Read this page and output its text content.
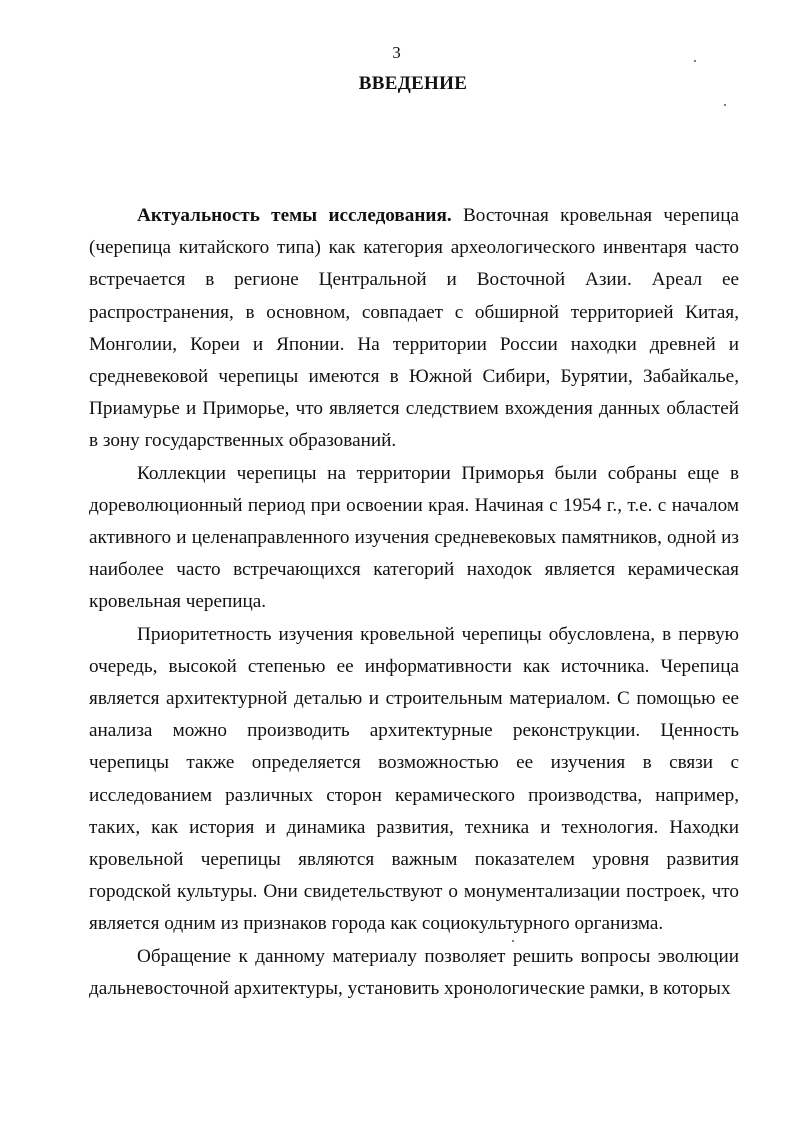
3
ВВЕДЕНИЕ

Актуальность темы исследования. Восточная кровельная черепица (черепица китайского типа) как категория археологического инвентаря часто встречается в регионе Центральной и Восточной Азии. Ареал ее распространения, в основном, совпадает с обширной территорией Китая, Монголии, Кореи и Японии. На территории России находки древней и средневековой черепицы имеются в Южной Сибири, Бурятии, Забайкалье, Приамурье и Приморье, что является следствием вхождения данных областей в зону государственных образований.

Коллекции черепицы на территории Приморья были собраны еще в дореволюционный период при освоении края. Начиная с 1954 г., т.е. с началом активного и целенаправленного изучения средневековых памятников, одной из наиболее часто встречающихся категорий находок является керамическая кровельная черепица.

Приоритетность изучения кровельной черепицы обусловлена, в первую очередь, высокой степенью ее информативности как источника. Черепица является архитектурной деталью и строительным материалом. С помощью ее анализа можно производить архитектурные реконструкции. Ценность черепицы также определяется возможностью ее изучения в связи с исследованием различных сторон керамического производства, например, таких, как история и динамика развития, техника и технология. Находки кровельной черепицы являются важным показателем уровня развития городской культуры. Они свидетельствуют о монументализации построек, что является одним из признаков города как социокультурного организма.

Обращение к данному материалу позволяет решить вопросы эволюции дальневосточной архитектуры, установить хронологические рамки, в которых
